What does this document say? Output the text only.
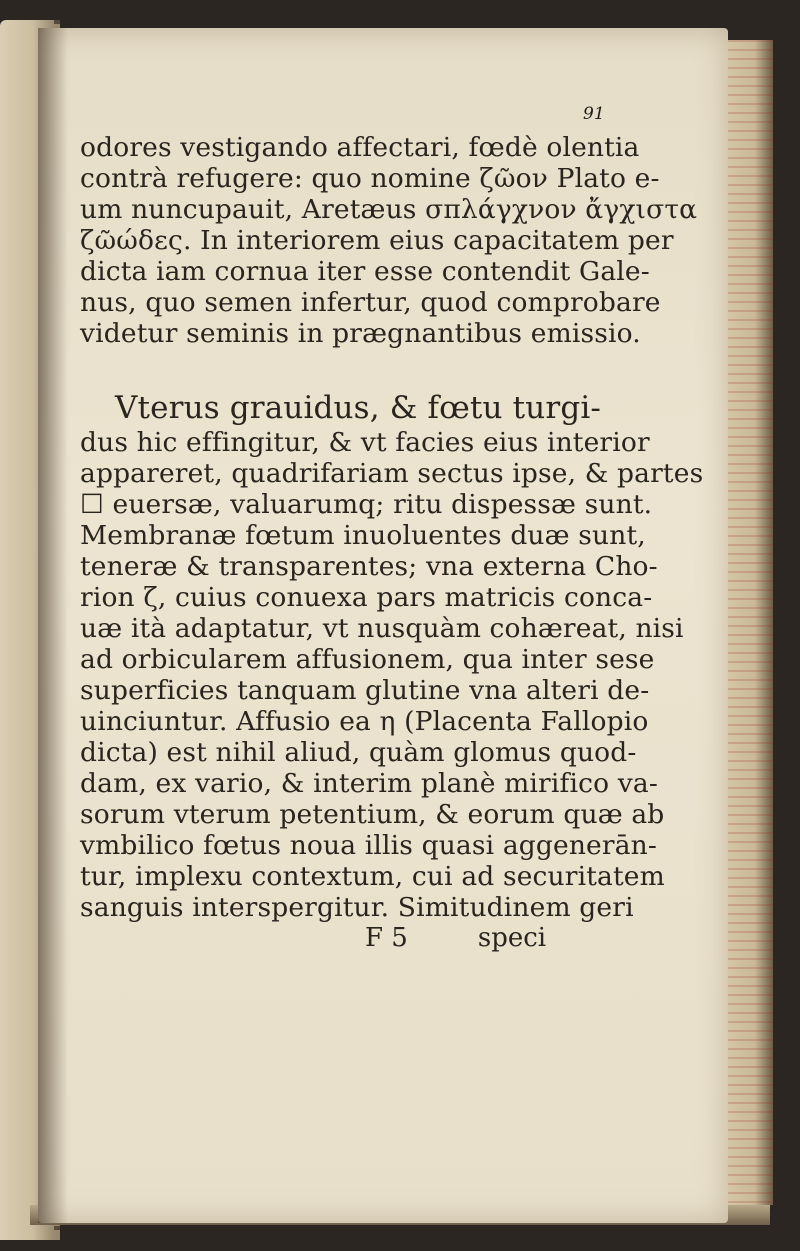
91
odores vestigando affectari, fœdè olentia
contrà refugere: quo nomine ζῶον Plato e-
um nuncupauit, Aretæus σπλάγχνον ἄγχιστα
ζῶώδες. In interiorem eius capacitatem per
dicta iam cornua iter esse contendit Gale-
nus, quo semen infertur, quod comprobare
videtur seminis in prægnantibus emissio.
Vterus grauidus, & fœtu turgi-
dus hic effingitur, & vt facies eius interior
appareret, quadrifariam sectus ipse, & partes
☐ euersæ, valuarumq; ritu dispessæ sunt.
Membranæ fœtum inuoluentes duæ sunt,
teneræ & transparentes; vna externa Cho-
rion ζ, cuius conuexa pars matricis conca-
uæ ità adaptatur, vt nusquàm cohæreat, nisi
ad orbicularem affusionem, qua inter sese
superficies tanquam glutine vna alteri de-
uinciuntur. Affusio ea η (Placenta Fallopio
dicta) est nihil aliud, quàm glomus quod-
dam, ex vario, & interim planè mirifico va-
sorum vterum petentium, & eorum quæ ab
vmbilico fœtus noua illis quasi aggenerān-
tur, implexu contextum, cui ad securitatem
sanguis interspergitur. Simitudinem geri
F 5	speci
